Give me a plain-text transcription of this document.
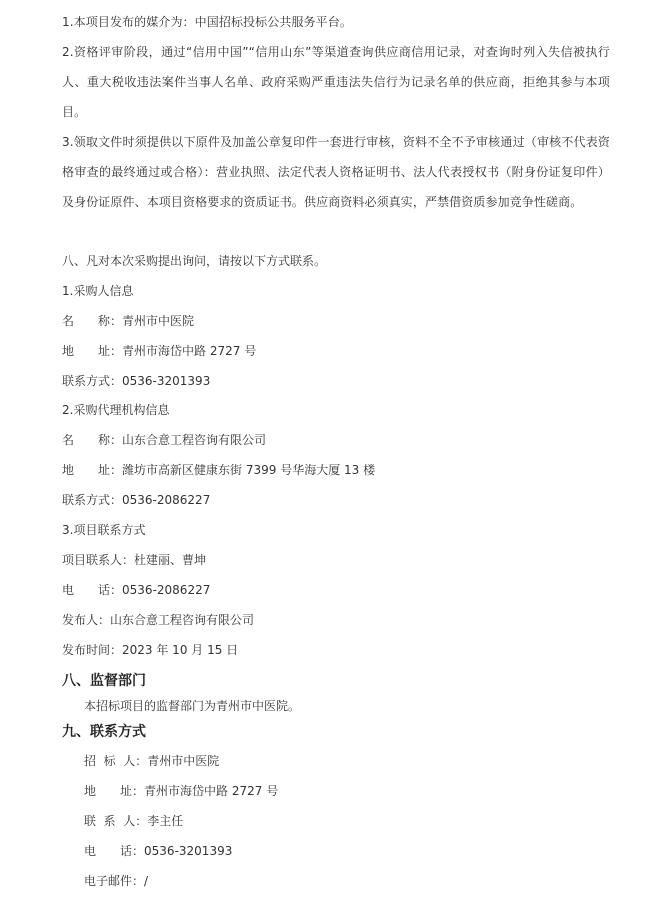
1.本项目发布的媒介为：中国招标投标公共服务平台。
2.资格评审阶段，通过“信用中国”“信用山东”等渠道查询供应商信用记录，对查询时列入失信被执行人、重大税收违法案件当事人名单、政府采购严重违法失信行为记录名单的供应商，拒绝其参与本项目。
3.领取文件时须提供以下原件及加盖公章复印件一套进行审核，资料不全不予审核通过（审核不代表资格审查的最终通过或合格）：营业执照、法定代表人资格证明书、法人代表授权书（附身份证复印件）及身份证原件、本项目资格要求的资质证书。供应商资料必须真实，严禁借资质参加竞争性磋商。
八、凡对本次采购提出询问，请按以下方式联系。
1.采购人信息
名 称：青州市中医院
地 址：青州市海岱中路 2727 号
联系方式：0536-3201393
2.采购代理机构信息
名 称：山东合意工程咨询有限公司
地 址：潍坊市高新区健康东街 7399 号华海大厦 13 楼
联系方式：0536-2086227
3.项目联系方式
项目联系人：杜建丽、曹坤
电 话：0536-2086227
发布人：山东合意工程咨询有限公司
发布时间：2023 年 10 月 15 日
八、监督部门
本招标项目的监督部门为青州市中医院。
九、联系方式
招  标  人：青州市中医院
地 址：青州市海岱中路 2727 号
联  系  人：李主任
电 话：0536-3201393
电子邮件：/
